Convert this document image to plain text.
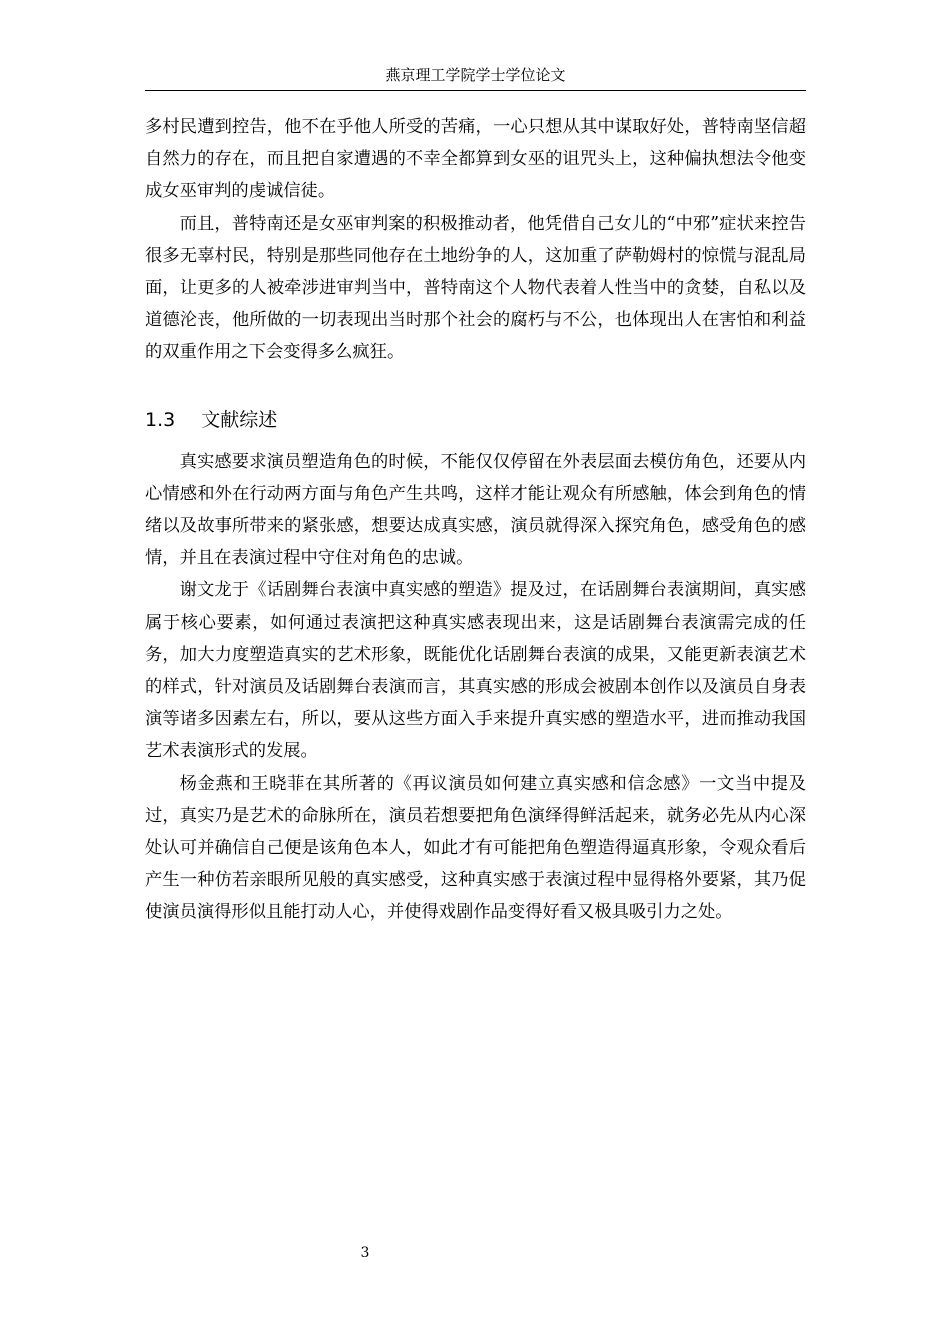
燕京理工学院学士学位论文

多村民遭到控告，他不在乎他人所受的苦痛，一心只想从其中谋取好处，普特南坚信超自然力的存在，而且把自家遭遇的不幸全都算到女巫的诅咒头上，这种偏执想法令他变成女巫审判的虔诚信徒。

而且，普特南还是女巫审判案的积极推动者，他凭借自己女儿的“中邪”症状来控告很多无辜村民，特别是那些同他存在土地纷争的人，这加重了萨勒姆村的惊慌与混乱局面，让更多的人被牵涉进审判当中，普特南这个人物代表着人性当中的贪婪，自私以及道德沦丧，他所做的一切表现出当时那个社会的腐朽与不公，也体现出人在害怕和利益的双重作用之下会变得多么疯狂。

1.3 文献综述

真实感要求演员塑造角色的时候，不能仅仅停留在外表层面去模仿角色，还要从内心情感和外在行动两方面与角色产生共鸣，这样才能让观众有所感触，体会到角色的情绪以及故事所带来的紧张感，想要达成真实感，演员就得深入探究角色，感受角色的感情，并且在表演过程中守住对角色的忠诚。

谢文龙于《话剧舞台表演中真实感的塑造》提及过，在话剧舞台表演期间，真实感属于核心要素，如何通过表演把这种真实感表现出来，这是话剧舞台表演需完成的任务，加大力度塑造真实的艺术形象，既能优化话剧舞台表演的成果，又能更新表演艺术的样式，针对演员及话剧舞台表演而言，其真实感的形成会被剧本创作以及演员自身表演等诸多因素左右，所以，要从这些方面入手来提升真实感的塑造水平，进而推动我国艺术表演形式的发展。

杨金燕和王晓菲在其所著的《再议演员如何建立真实感和信念感》一文当中提及过，真实乃是艺术的命脉所在，演员若想要把角色演绎得鲜活起来，就务必先从内心深处认可并确信自己便是该角色本人，如此才有可能把角色塑造得逼真形象，令观众看后产生一种仿若亲眼所见般的真实感受，这种真实感于表演过程中显得格外要紧，其乃促使演员演得形似且能打动人心，并使得戏剧作品变得好看又极具吸引力之处。

3
